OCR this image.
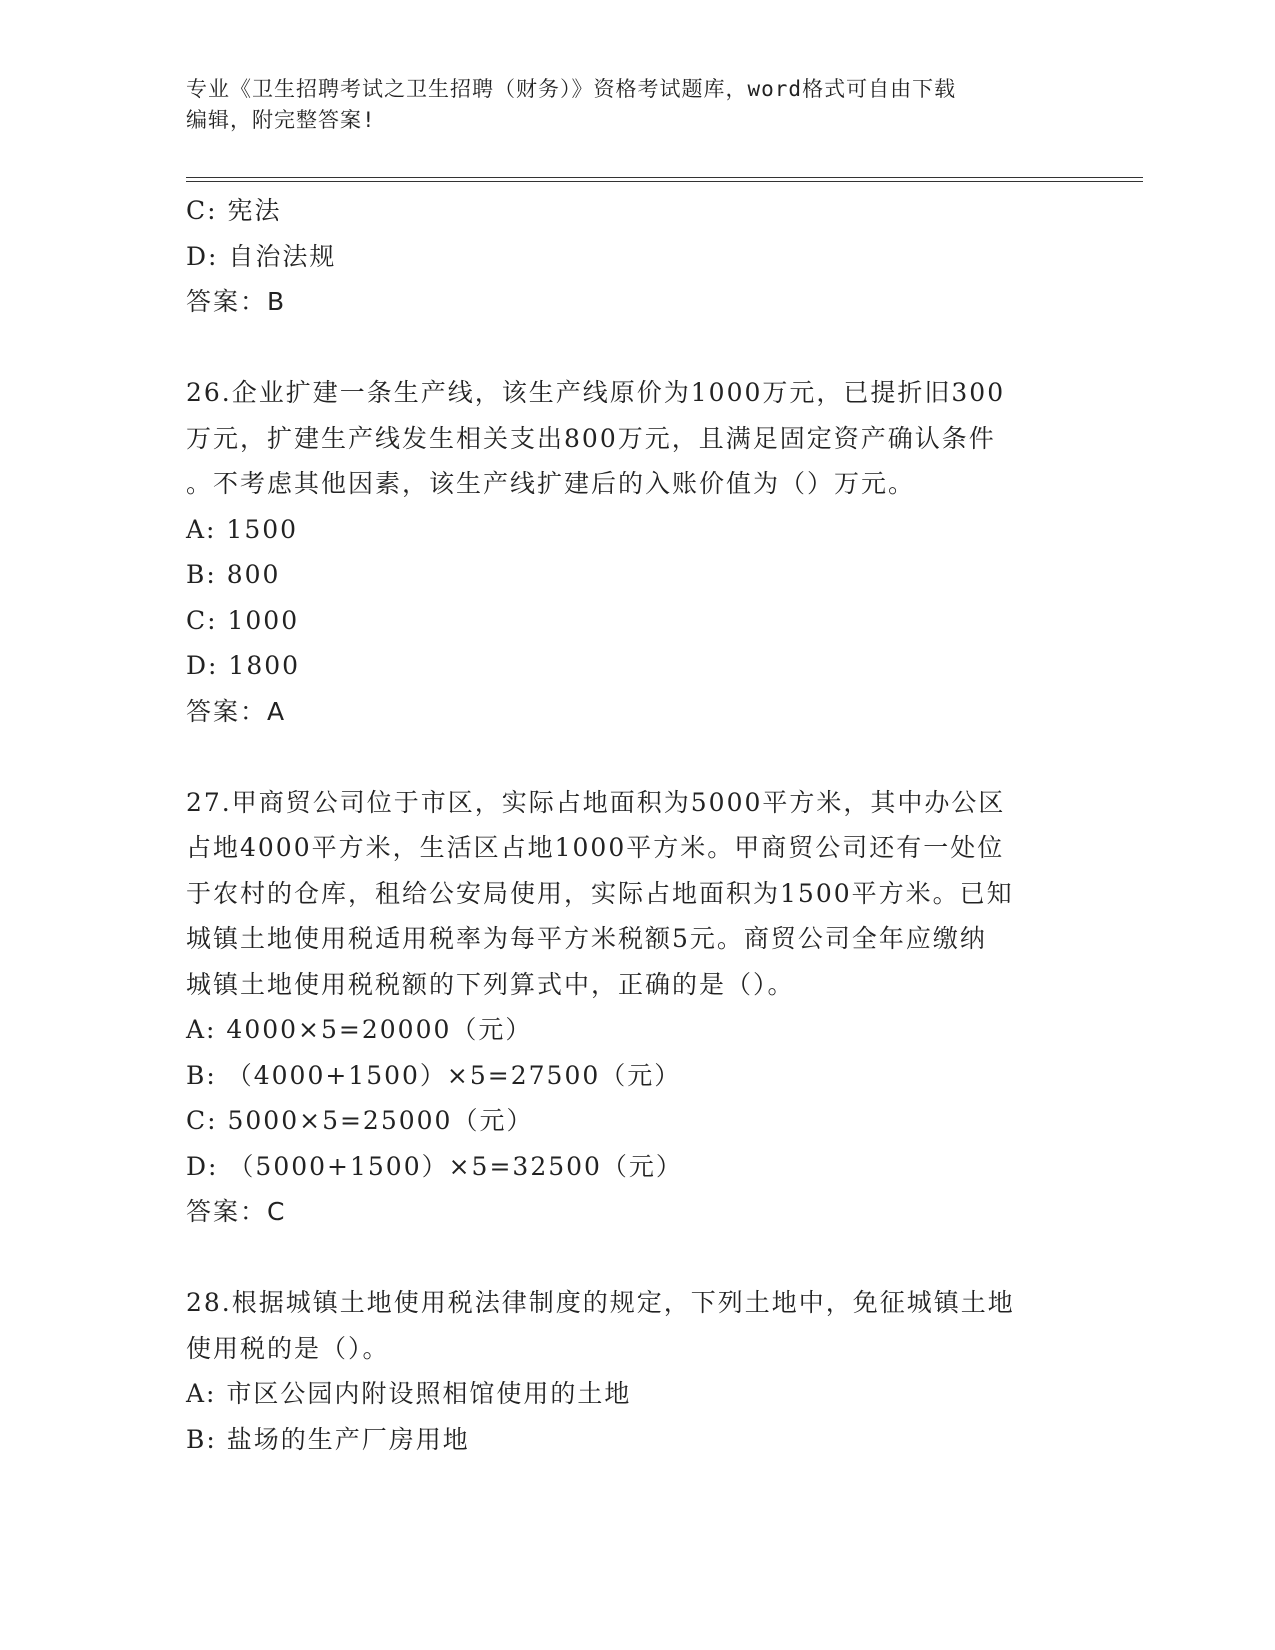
专业《卫生招聘考试之卫生招聘（财务）》资格考试题库，word格式可自由下载
编辑，附完整答案!
C: 宪法
D: 自治法规
答案：B
26.企业扩建一条生产线，该生产线原价为1000万元，已提折旧300
万元，扩建生产线发生相关支出800万元，且满足固定资产确认条件
。不考虑其他因素，该生产线扩建后的入账价值为（）万元。
A: 1500
B: 800
C: 1000
D: 1800
答案：A
27.甲商贸公司位于市区，实际占地面积为5000平方米，其中办公区
占地4000平方米，生活区占地1000平方米。甲商贸公司还有一处位
于农村的仓库，租给公安局使用，实际占地面积为1500平方米。已知
城镇土地使用税适用税率为每平方米税额5元。商贸公司全年应缴纳
城镇土地使用税税额的下列算式中，正确的是（）。
A: 4000×5=20000（元）
B: （4000+1500）×5=27500（元）
C: 5000×5=25000（元）
D: （5000+1500）×5=32500（元）
答案：C
28.根据城镇土地使用税法律制度的规定，下列土地中，免征城镇土地
使用税的是（）。
A: 市区公园内附设照相馆使用的土地
B: 盐场的生产厂房用地
